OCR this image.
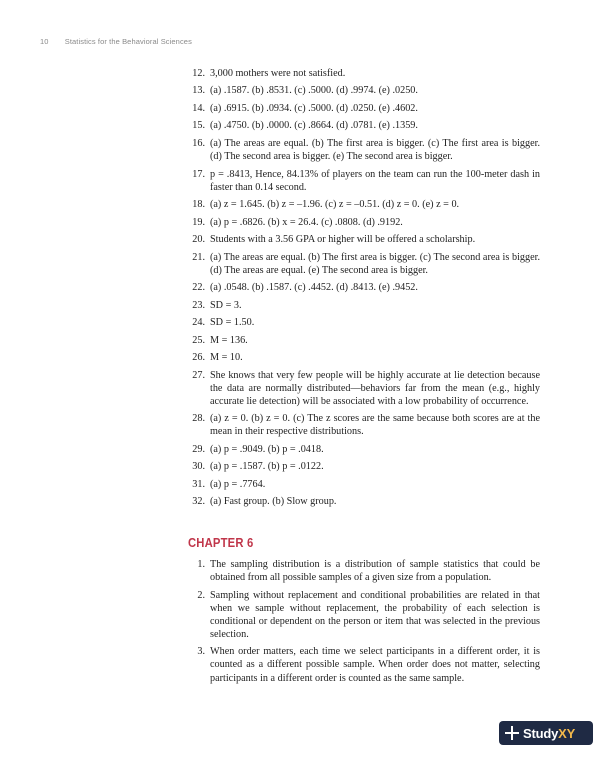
10 Statistics for the Behavioral Sciences
12. 3,000 mothers were not satisfied.
13. (a) .1587. (b) .8531. (c) .5000. (d) .9974. (e) .0250.
14. (a) .6915. (b) .0934. (c) .5000. (d) .0250. (e) .4602.
15. (a) .4750. (b) .0000. (c) .8664. (d) .0781. (e) .1359.
16. (a) The areas are equal. (b) The first area is bigger. (c) The first area is bigger. (d) The second area is bigger. (e) The second area is bigger.
17. p = .8413, Hence, 84.13% of players on the team can run the 100-meter dash in faster than 0.14 second.
18. (a) z = 1.645. (b) z = –1.96. (c) z = –0.51. (d) z = 0. (e) z = 0.
19. (a) p = .6826. (b) x = 26.4. (c) .0808. (d) .9192.
20. Students with a 3.56 GPA or higher will be offered a scholarship.
21. (a) The areas are equal. (b) The first area is bigger. (c) The second area is bigger. (d) The areas are equal. (e) The second area is bigger.
22. (a) .0548. (b) .1587. (c) .4452. (d) .8413. (e) .9452.
23. SD = 3.
24. SD = 1.50.
25. M = 136.
26. M = 10.
27. She knows that very few people will be highly accurate at lie detection because the data are normally distributed—behaviors far from the mean (e.g., highly accurate lie detection) will be associated with a low probability of occurrence.
28. (a) z = 0. (b) z = 0. (c) The z scores are the same because both scores are at the mean in their respective distributions.
29. (a) p = .9049. (b) p = .0418.
30. (a) p = .1587. (b) p = .0122.
31. (a) p = .7764.
32. (a) Fast group. (b) Slow group.
CHAPTER 6
1. The sampling distribution is a distribution of sample statistics that could be obtained from all possible samples of a given size from a population.
2. Sampling without replacement and conditional probabilities are related in that when we sample without replacement, the probability of each selection is conditional or dependent on the person or item that was selected in the previous selection.
3. When order matters, each time we select participants in a different order, it is counted as a different possible sample. When order does not matter, selecting participants in a different order is counted as the same sample.
StudyXY
